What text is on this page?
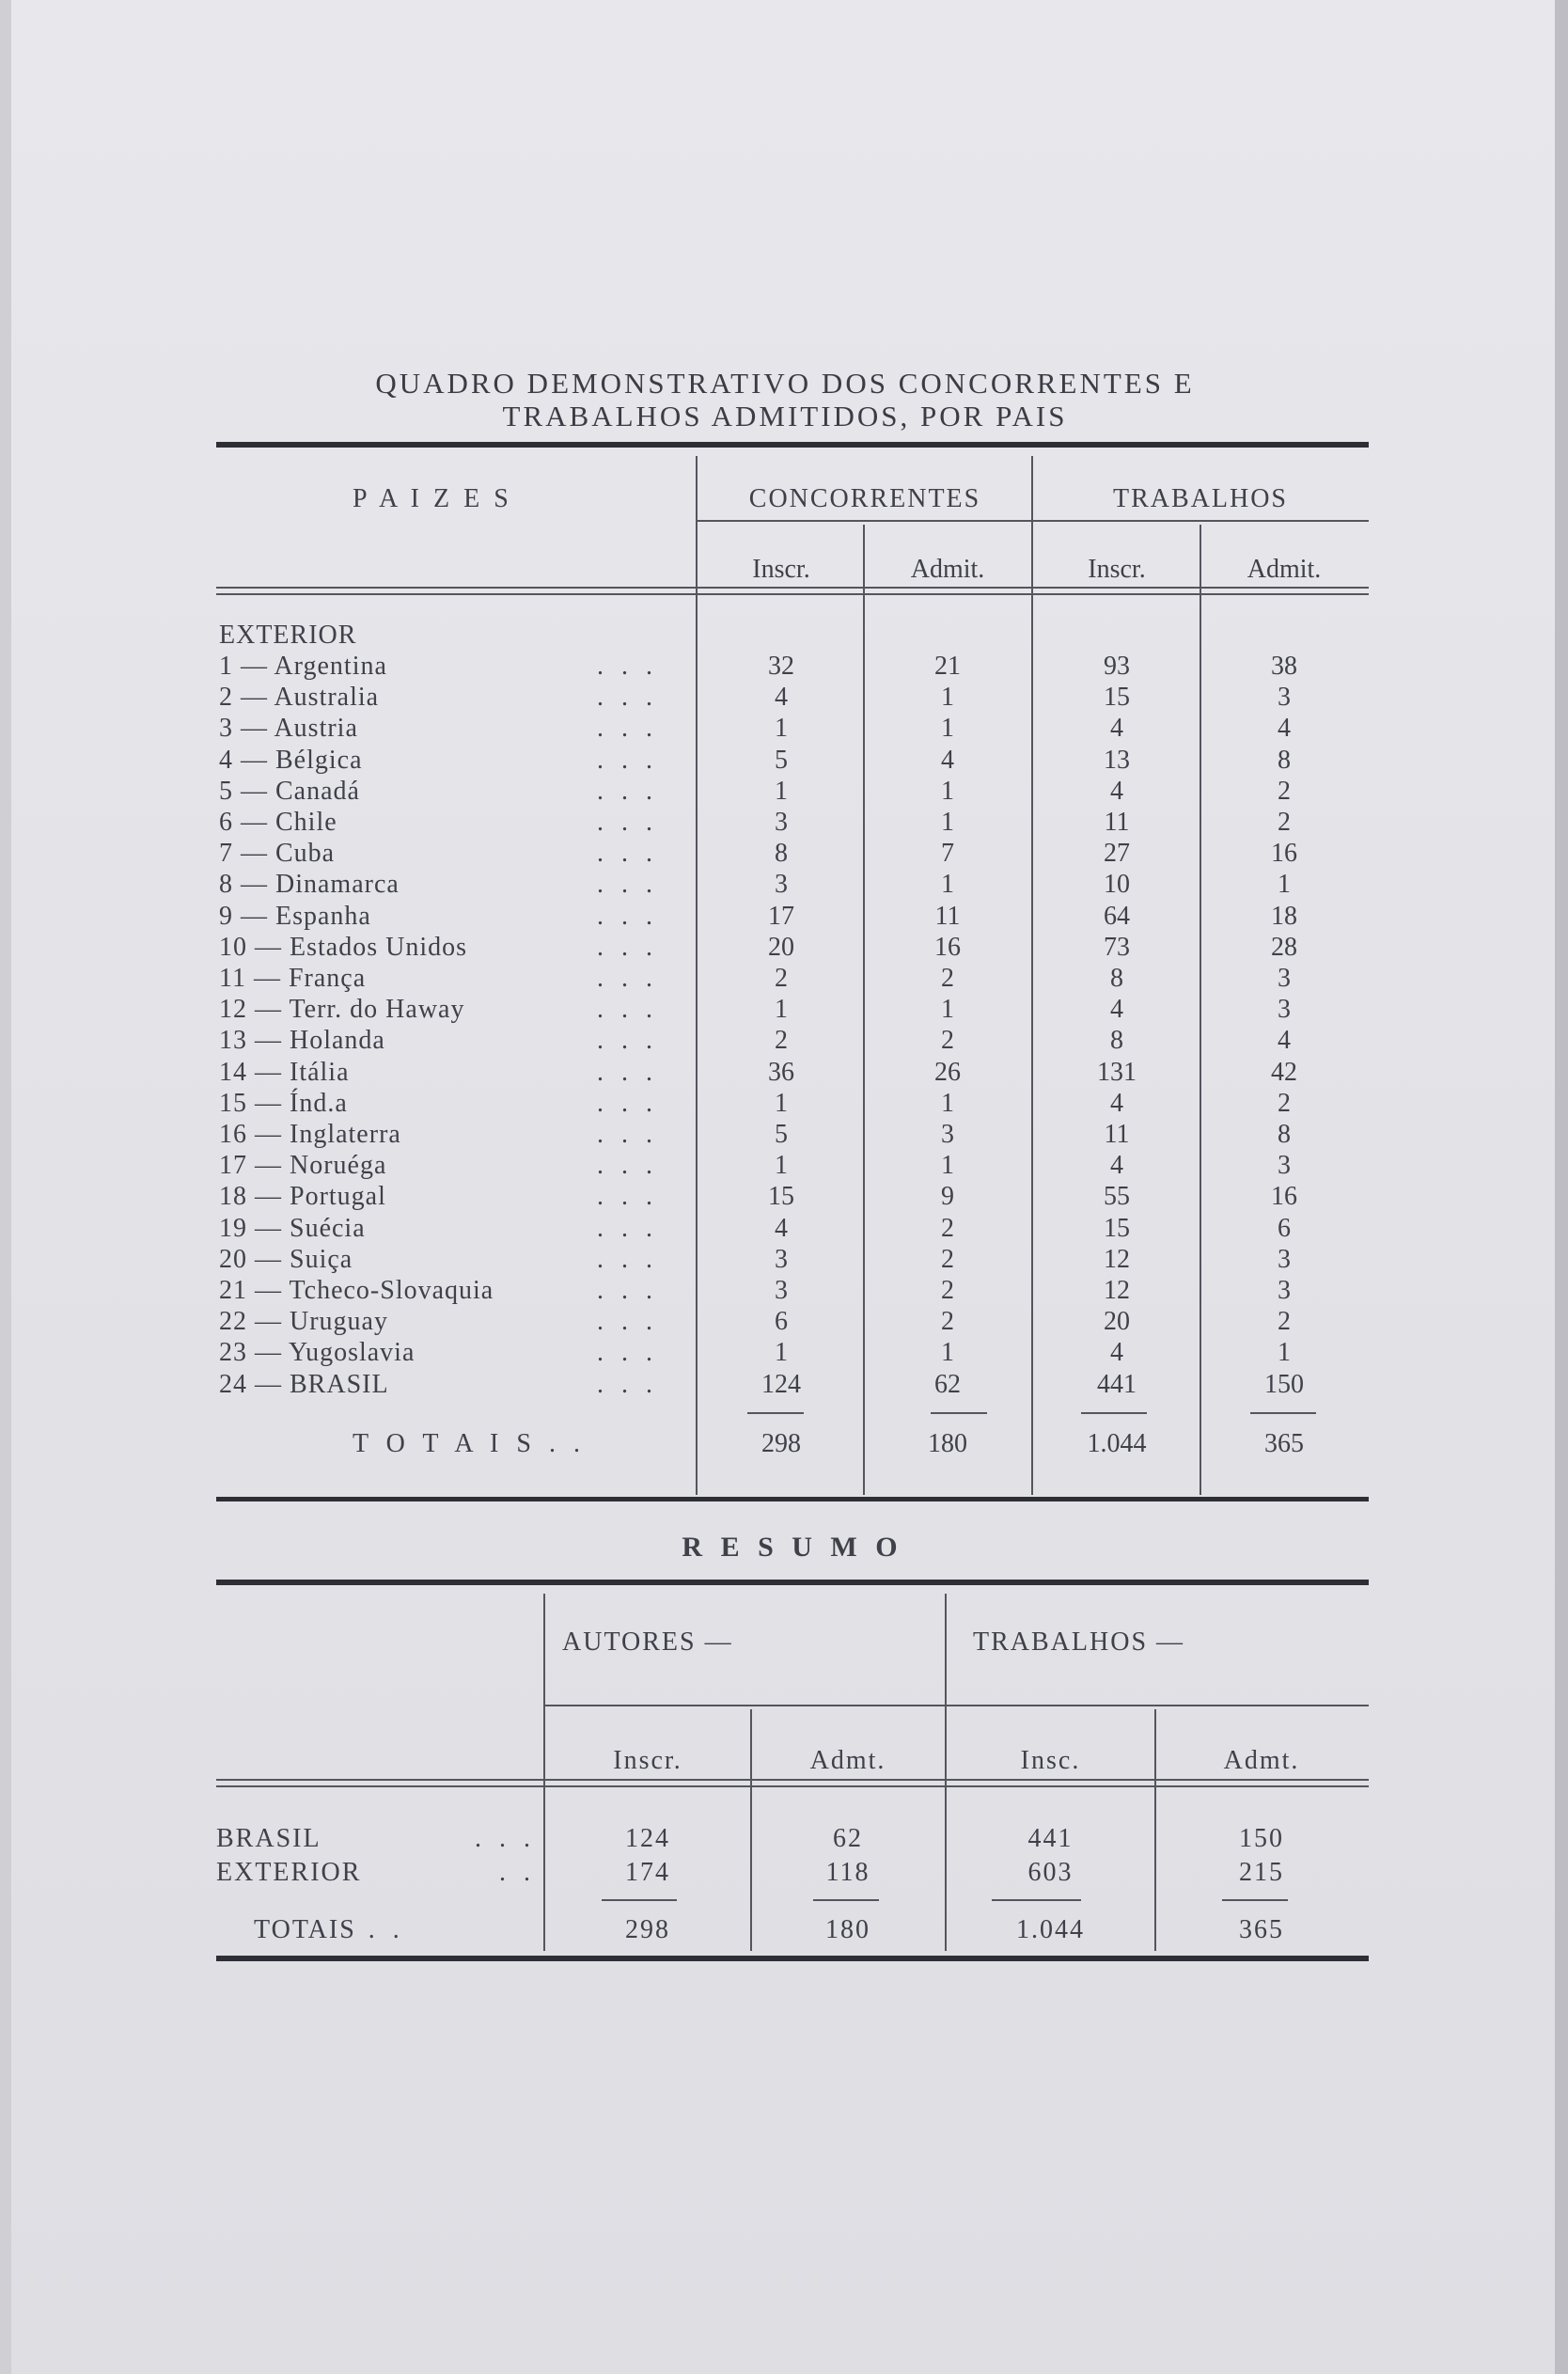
QUADRO DEMONSTRATIVO DOS CONCORRENTES E
TRABALHOS ADMITIDOS, POR PAIS
P A I Z E S	CONCORRENTES	TRABALHOS
Inscr.	Admit.	Inscr.	Admit.
EXTERIOR
1 — Argentina	. . .	32	21	93	38
2 — Australia	. . .	4	1	15	3
3 — Austria	. . .	1	1	4	4
4 — Bélgica	. . .	5	4	13	8
5 — Canadá	. . .	1	1	4	2
6 — Chile	. . .	3	1	11	2
7 — Cuba	. . .	8	7	27	16
8 — Dinamarca	. . .	3	1	10	1
9 — Espanha	. . .	17	11	64	18
10 — Estados Unidos	. . .	20	16	73	28
11 — França	. . .	2	2	8	3
12 — Terr. do Haway	. . .	1	1	4	3
13 — Holanda	. . .	2	2	8	4
14 — Itália	. . .	36	26	131	42
15 — Índ.a	. . .	1	1	4	2
16 — Inglaterra	. . .	5	3	11	8
17 — Noruéga	. . .	1	1	4	3
18 — Portugal	. . .	15	9	55	16
19 — Suécia	. . .	4	2	15	6
20 — Suiça	. . .	3	2	12	3
21 — Tcheco-Slovaquia	. . .	3	2	12	3
22 — Uruguay	. . .	6	2	20	2
23 — Yugoslavia	. . .	1	1	4	1
24 — BRASIL	. . .	124	62	441	150
T O T A I S . .	298	180	1.044	365
R E S U M O
AUTORES —	TRABALHOS —
Inscr.	Admt.	Insc.	Admt.
BRASIL	. . .	124	62	441	150
EXTERIOR	. .	174	118	603	215
TOTAIS . .	298	180	1.044	365
